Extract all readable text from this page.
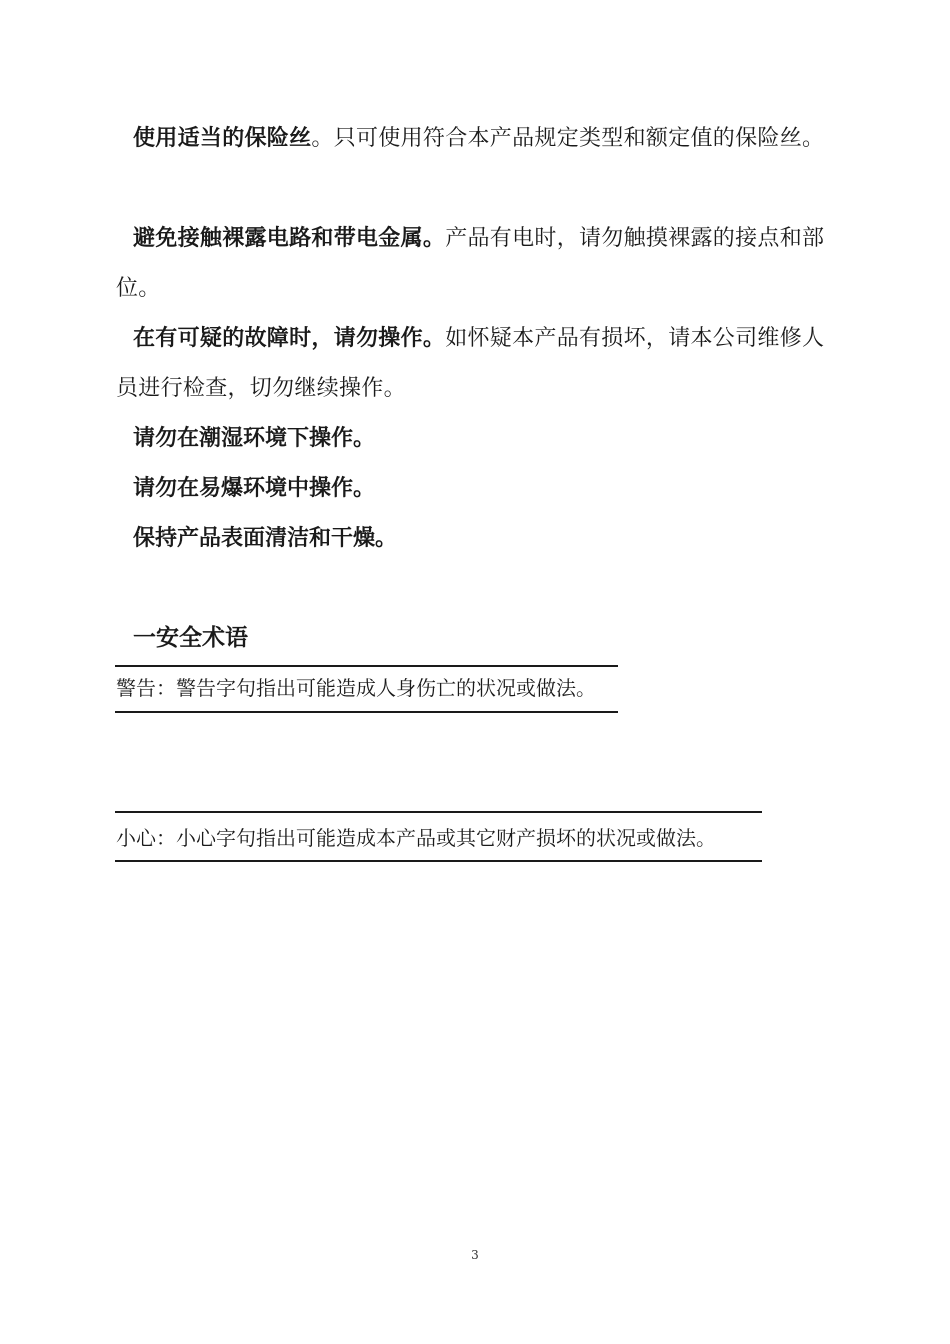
使用适当的保险丝。只可使用符合本产品规定类型和额定值的保险丝。

避免接触裸露电路和带电金属。产品有电时，请勿触摸裸露的接点和部位。

在有可疑的故障时，请勿操作。如怀疑本产品有损坏，请本公司维修人员进行检查，切勿继续操作。

请勿在潮湿环境下操作。

请勿在易爆环境中操作。

保持产品表面清洁和干燥。

一安全术语

警告：警告字句指出可能造成人身伤亡的状况或做法。

小心：小心字句指出可能造成本产品或其它财产损坏的状况或做法。

3
